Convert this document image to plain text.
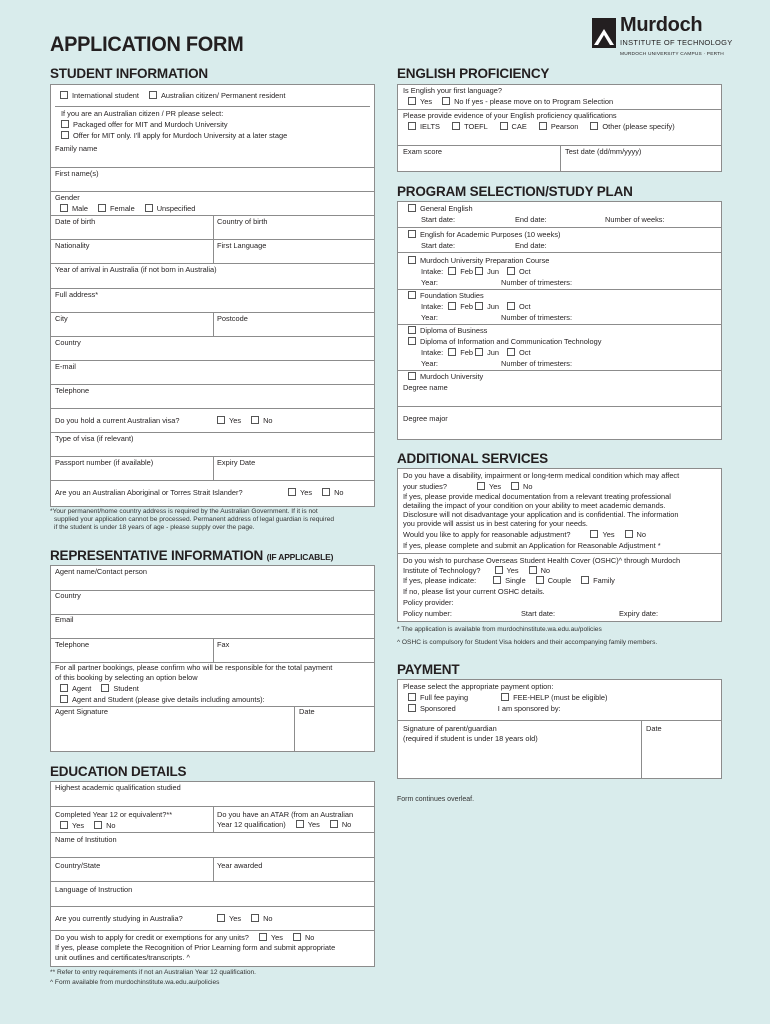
APPLICATION FORM
Murdoch
INSTITUTE OF TECHNOLOGY
MURDOCH UNIVERSITY CAMPUS · PERTH
STUDENT INFORMATION
International student	Australian citizen/ Permanent resident
If you are an Australian citizen / PR please select:
Packaged offer for MIT and Murdoch University
Offer for MIT only. I'll apply for Murdoch University at a later stage
Family name
First name(s)
Gender
Male	Female	Unspecified
Date of birth	Country of birth
Nationality	First Language
Year of arrival in Australia (if not born in Australia)
Full address*
City	Postcode
Country
E-mail
Telephone
Do you hold a current Australian visa?	Yes	No
Type of visa (if relevant)
Passport number (if available)	Expiry Date
Are you an Australian Aboriginal or Torres Strait Islander?	Yes	No
*Your permanent/home country address is required by the Australian Government. If it is not
supplied your application cannot be processed. Permanent address of legal guardian is required
if the student is under 18 years of age - please supply over the page.
REPRESENTATIVE INFORMATION (IF APPLICABLE)
Agent name/Contact person
Country
Email
Telephone	Fax
For all partner bookings, please confirm who will be responsible for the total payment
of this booking by selecting an option below
Agent	Student
Agent and Student (please give details including amounts):
Agent Signature	Date
EDUCATION DETAILS
Highest academic qualification studied
Completed Year 12 or equivalent?**
Yes	No
Do you have an ATAR (from an Australian
Year 12 qualification)	Yes	No
Name of Institution
Country/State	Year awarded
Language of Instruction
Are you currently studying in Australia?	Yes	No
Do you wish to apply for credit or exemptions for any units?	Yes	No
If yes, please complete the Recognition of Prior Learning form and submit appropriate
unit outlines and certificates/transcripts. ^
** Refer to entry requirements if not an Australian Year 12 qualification.
^ Form available from murdochinstitute.wa.edu.au/policies
ENGLISH PROFICIENCY
Is English your first language?
Yes	No If yes - please move on to Program Selection
Please provide evidence of your English proficiency qualifications
IELTS	TOEFL	CAE	Pearson	Other (please specify)
Exam score	Test date (dd/mm/yyyy)
PROGRAM SELECTION/STUDY PLAN
General English
Start date:	End date:	Number of weeks:
English for Academic Purposes (10 weeks)
Start date:	End date:
Murdoch University Preparation Course
Intake: Feb Jun	Oct
Year:	Number of trimesters:
Foundation Studies
Intake: Feb Jun	Oct
Year:	Number of trimesters:
Diploma of Business
Diploma of Information and Communication Technology
Intake: Feb Jun	Oct
Year:	Number of trimesters:
Murdoch University
Degree name
Degree major
ADDITIONAL SERVICES
Do you have a disability, impairment or long-term medical condition which may affect
your studies?	Yes	No
If yes, please provide medical documentation from a relevant treating professional
detailing the impact of your condition on your ability to meet academic demands.
Disclosure will not disadvantage your application and is confidential. The information
you provide will assist us in best catering for your needs.
Would you like to apply for reasonable adjustment?	Yes	No
If yes, please complete and submit an Application for Reasonable Adjustment *
Do you wish to purchase Overseas Student Health Cover (OSHC)^ through Murdoch
Institute of Technology?	Yes	No
If yes, please indicate:	Single	Couple	Family
If no, please list your current OSHC details.
Policy provider:
Policy number:	Start date:	Expiry date:
* The application is available from murdochinstitute.wa.edu.au/policies
^ OSHC is compulsory for Student Visa holders and their accompanying family members.
PAYMENT
Please select the appropriate payment option:
Full fee paying	FEE-HELP (must be eligible)
Sponsored	I am sponsored by:
Signature of parent/guardian
(required if student is under 18 years old)
Date
Form continues overleaf.
